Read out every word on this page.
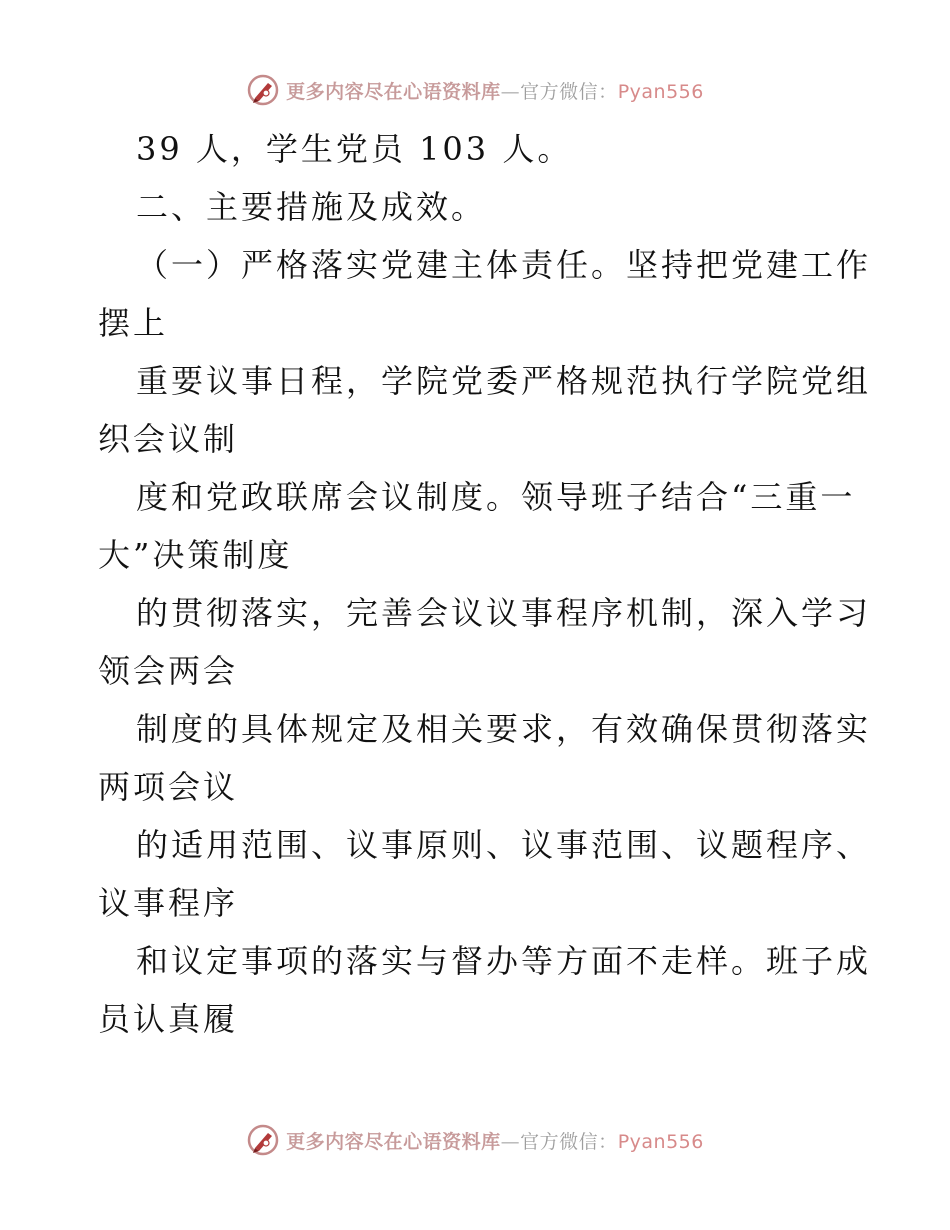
更多内容尽在心语资料库—官方微信：Pyan556
39 人，学生党员 103 人。
二、主要措施及成效。
（一）严格落实党建主体责任。坚持把党建工作
摆上
重要议事日程，学院党委严格规范执行学院党组
织会议制
度和党政联席会议制度。领导班子结合“三重一
大”决策制度
的贯彻落实，完善会议议事程序机制，深入学习
领会两会
制度的具体规定及相关要求，有效确保贯彻落实
两项会议
的适用范围、议事原则、议事范围、议题程序、
议事程序
和议定事项的落实与督办等方面不走样。班子成
员认真履
更多内容尽在心语资料库—官方微信：Pyan556
